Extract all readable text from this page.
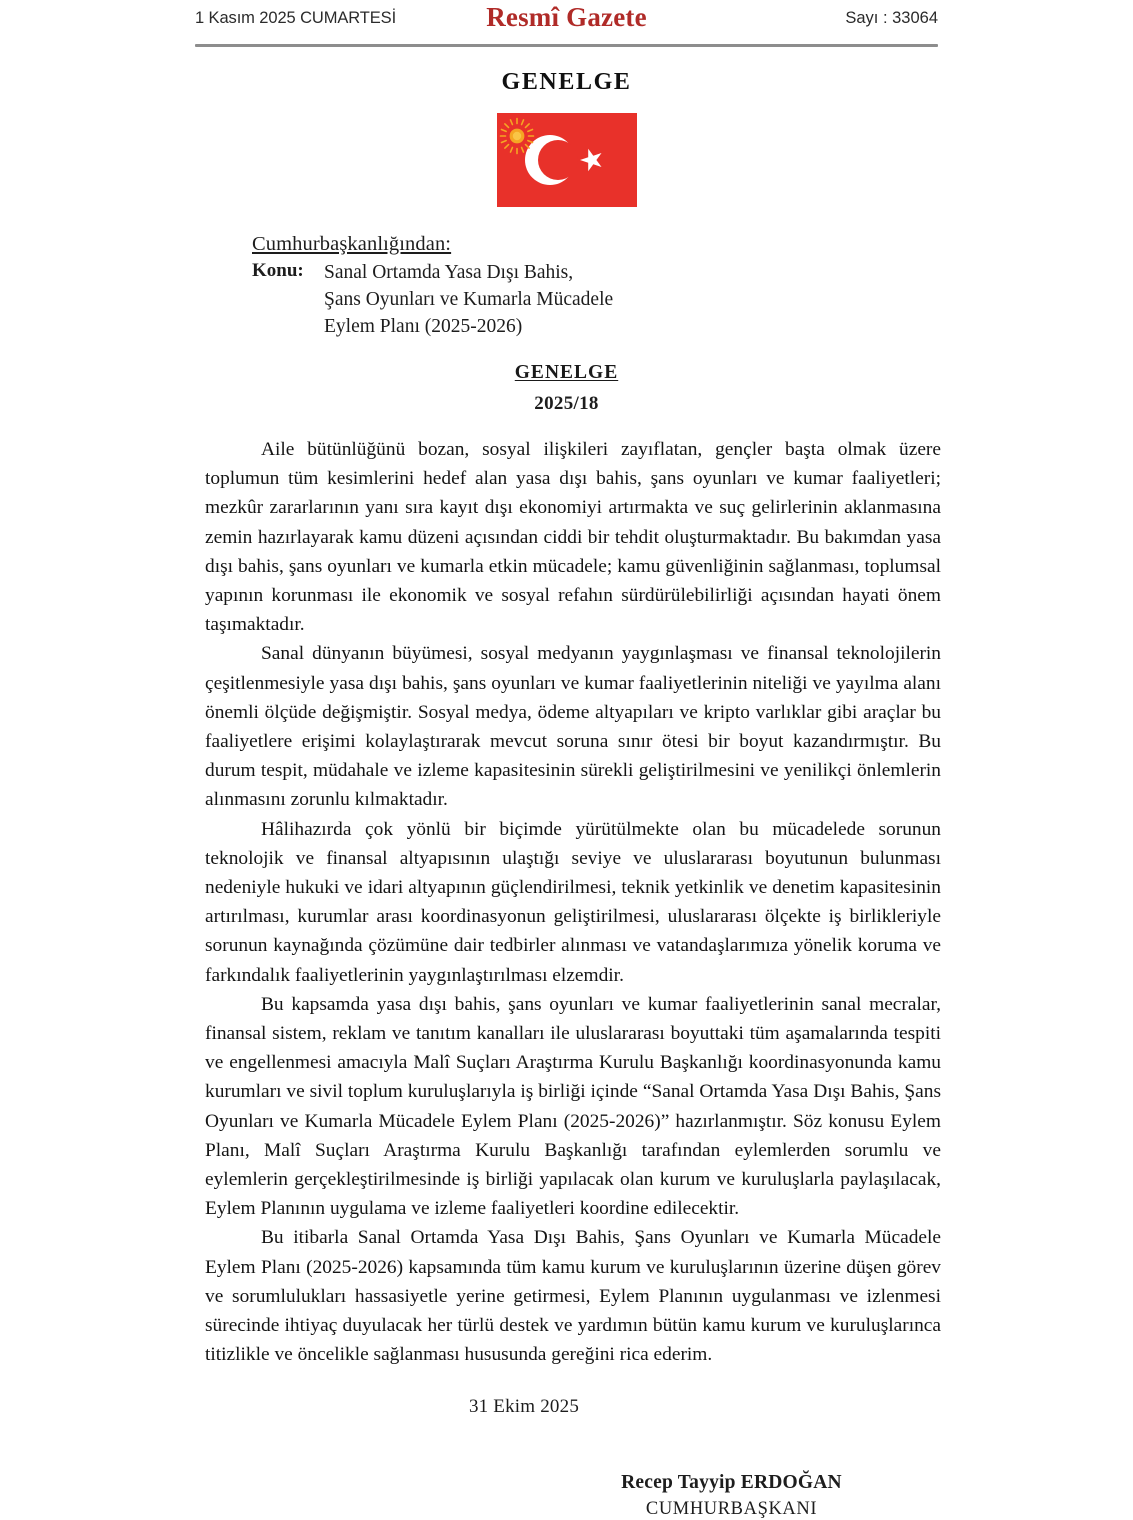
1 Kasım 2025 CUMARTESİ	Resmî Gazete	Sayı : 33064
GENELGE
Cumhurbaşkanlığından:
Konu:	Sanal Ortamda Yasa Dışı Bahis,
Şans Oyunları ve Kumarla Mücadele
Eylem Planı (2025-2026)
GENELGE
2025/18

Aile bütünlüğünü bozan, sosyal ilişkileri zayıflatan, gençler başta olmak üzere toplumun tüm kesimlerini hedef alan yasa dışı bahis, şans oyunları ve kumar faaliyetleri; mezkûr zararlarının yanı sıra kayıt dışı ekonomiyi artırmakta ve suç gelirlerinin aklanmasına zemin hazırlayarak kamu düzeni açısından ciddi bir tehdit oluşturmaktadır. Bu bakımdan yasa dışı bahis, şans oyunları ve kumarla etkin mücadele; kamu güvenliğinin sağlanması, toplumsal yapının korunması ile ekonomik ve sosyal refahın sürdürülebilirliği açısından hayati önem taşımaktadır.

Sanal dünyanın büyümesi, sosyal medyanın yaygınlaşması ve finansal teknolojilerin çeşitlenmesiyle yasa dışı bahis, şans oyunları ve kumar faaliyetlerinin niteliği ve yayılma alanı önemli ölçüde değişmiştir. Sosyal medya, ödeme altyapıları ve kripto varlıklar gibi araçlar bu faaliyetlere erişimi kolaylaştırarak mevcut soruna sınır ötesi bir boyut kazandırmıştır. Bu durum tespit, müdahale ve izleme kapasitesinin sürekli geliştirilmesini ve yenilikçi önlemlerin alınmasını zorunlu kılmaktadır.

Hâlihazırda çok yönlü bir biçimde yürütülmekte olan bu mücadelede sorunun teknolojik ve finansal altyapısının ulaştığı seviye ve uluslararası boyutunun bulunması nedeniyle hukuki ve idari altyapının güçlendirilmesi, teknik yetkinlik ve denetim kapasitesinin artırılması, kurumlar arası koordinasyonun geliştirilmesi, uluslararası ölçekte iş birlikleriyle sorunun kaynağında çözümüne dair tedbirler alınması ve vatandaşlarımıza yönelik koruma ve farkındalık faaliyetlerinin yaygınlaştırılması elzemdir.

Bu kapsamda yasa dışı bahis, şans oyunları ve kumar faaliyetlerinin sanal mecralar, finansal sistem, reklam ve tanıtım kanalları ile uluslararası boyuttaki tüm aşamalarında tespiti ve engellenmesi amacıyla Malî Suçları Araştırma Kurulu Başkanlığı koordinasyonunda kamu kurumları ve sivil toplum kuruluşlarıyla iş birliği içinde “Sanal Ortamda Yasa Dışı Bahis, Şans Oyunları ve Kumarla Mücadele Eylem Planı (2025-2026)” hazırlanmıştır. Söz konusu Eylem Planı, Malî Suçları Araştırma Kurulu Başkanlığı tarafından eylemlerden sorumlu ve eylemlerin gerçekleştirilmesinde iş birliği yapılacak olan kurum ve kuruluşlarla paylaşılacak, Eylem Planının uygulama ve izleme faaliyetleri koordine edilecektir.

Bu itibarla Sanal Ortamda Yasa Dışı Bahis, Şans Oyunları ve Kumarla Mücadele Eylem Planı (2025-2026) kapsamında tüm kamu kurum ve kuruluşlarının üzerine düşen görev ve sorumlulukları hassasiyetle yerine getirmesi, Eylem Planının uygulanması ve izlenmesi sürecinde ihtiyaç duyulacak her türlü destek ve yardımın bütün kamu kurum ve kuruluşlarınca titizlikle ve öncelikle sağlanması hususunda gereğini rica ederim.

31 Ekim 2025
Recep Tayyip ERDOĞAN
CUMHURBAŞKANI
